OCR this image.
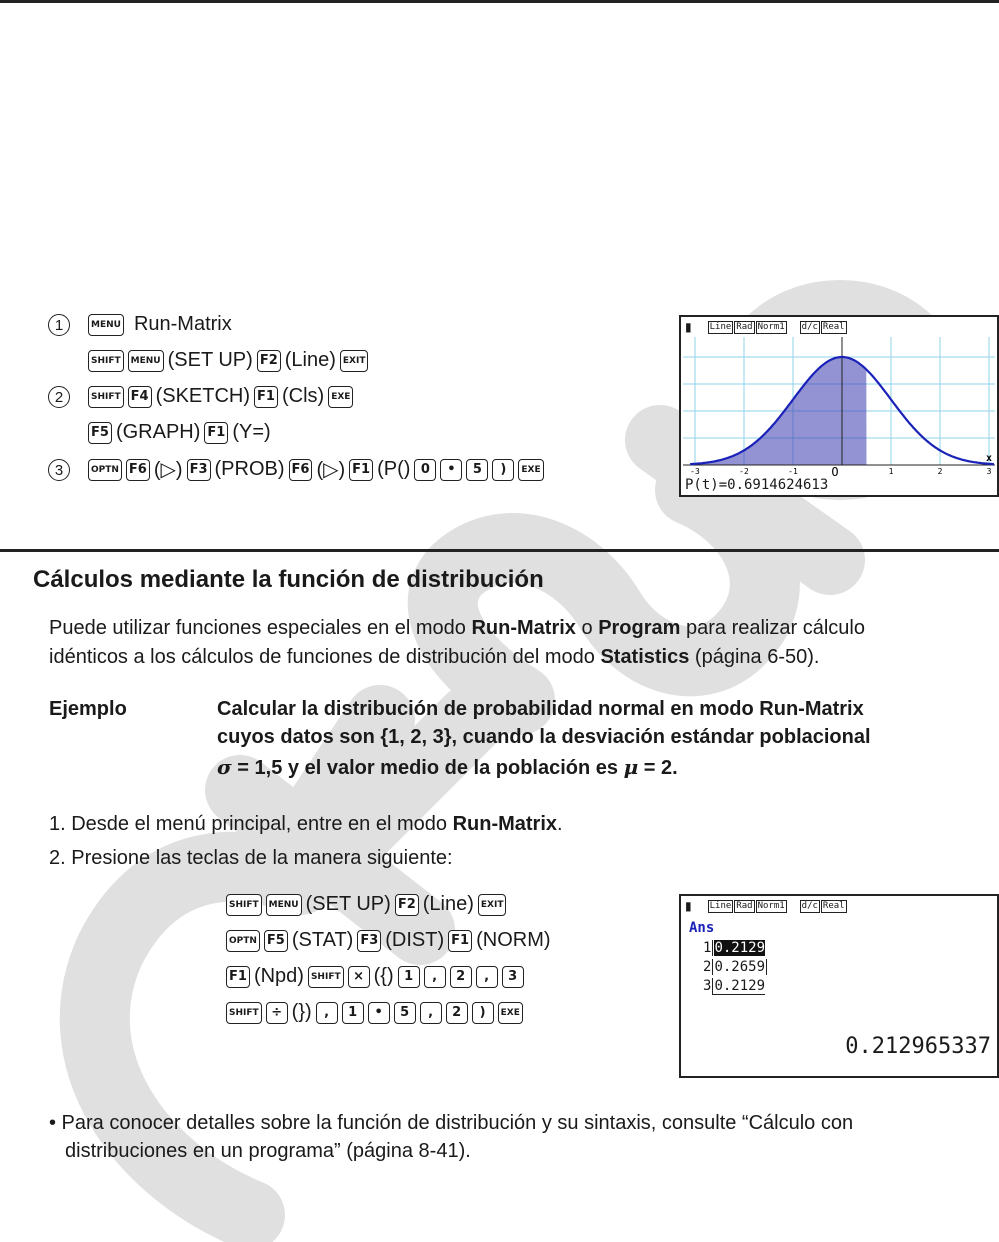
1	MENU Run-Matrix
SHIFT	MENU (SET UP) F2 (Line) EXIT
2	SHIFT F4 (SKETCH) F1 (Cls) EXE
F5 (GRAPH) F1 (Y=)
3	OPTN F6 (▷) F3 (PROB) F6 (▷) F1 (P() 0	•	5	)	EXE
▮ Line Rad Norm1 d/c Real
-3	-2	-1	O	1	2	3
x
P(t)=0.6914624613
Cálculos mediante la función de distribución
Puede utilizar funciones especiales en el modo Run-Matrix o Program para realizar cálculo
idénticos a los cálculos de funciones de distribución del modo Statistics (página 6-50).
Ejemplo	Calcular la distribución de probabilidad normal en modo Run-Matrix
cuyos datos son {1, 2, 3}, cuando la desviación estándar poblacional
σ = 1,5 y el valor medio de la población es μ = 2.
1. Desde el menú principal, entre en el modo Run-Matrix.
2. Presione las teclas de la manera siguiente:
SHIFT	MENU (SET UP) F2 (Line) EXIT
OPTN F5 (STAT) F3 (DIST) F1 (NORM)
F1 (Npd) SHIFT × ({) 1	,	2	,	3
SHIFT ÷ (}) ,	1	•	5	,	2	)	EXE
▮ Line Rad Norm1 d/c Real
Ans
1 0.2129
2 0.2659
3 0.2129
0.212965337
• Para conocer detalles sobre la función de distribución y su sintaxis, consulte “Cálculo con
distribuciones en un programa” (página 8-41).
